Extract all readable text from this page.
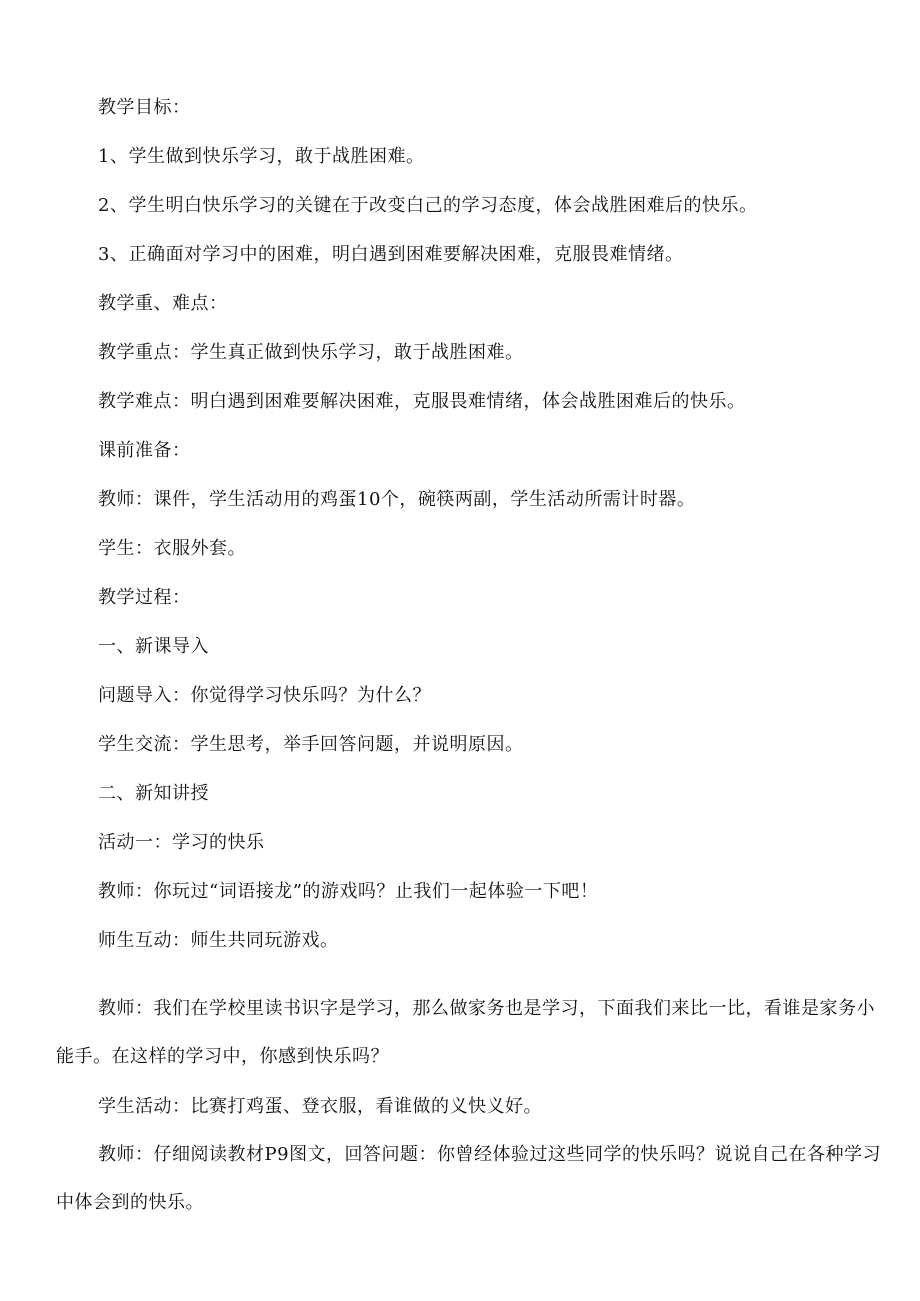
教学目标：
1、学生做到快乐学习，敢于战胜困难。
2、学生明白快乐学习的关键在于改变白己的学习态度，体会战胜困难后的快乐。
3、正确面对学习中的困难，明白遇到困难要解决困难，克服畏难情绪。
教学重、难点：
教学重点：学生真正做到快乐学习，敢于战胜困难。
教学难点：明白遇到困难要解决困难，克服畏难情绪，体会战胜困难后的快乐。
课前准备：
教师：课件，学生活动用的鸡蛋10个，碗筷两副，学生活动所需计时器。
学生：衣服外套。
教学过程：
一、新课导入
问题导入：你觉得学习快乐吗？为什么？
学生交流：学生思考，举手回答问题，并说明原因。
二、新知讲授
活动一：学习的快乐
教师：你玩过“词语接龙”的游戏吗？止我们一起体验一下吧！
师生互动：师生共同玩游戏。
教师：我们在学校里读书识字是学习，那么做家务也是学习，下面我们来比一比，看谁是家务小能手。在这样的学习中，你感到快乐吗？
学生活动：比赛打鸡蛋、登衣服，看谁做的义快义好。
教师：仔细阅读教材P9图文，回答问题：你曾经体验过这些同学的快乐吗？说说自己在各种学习中体会到的快乐。
